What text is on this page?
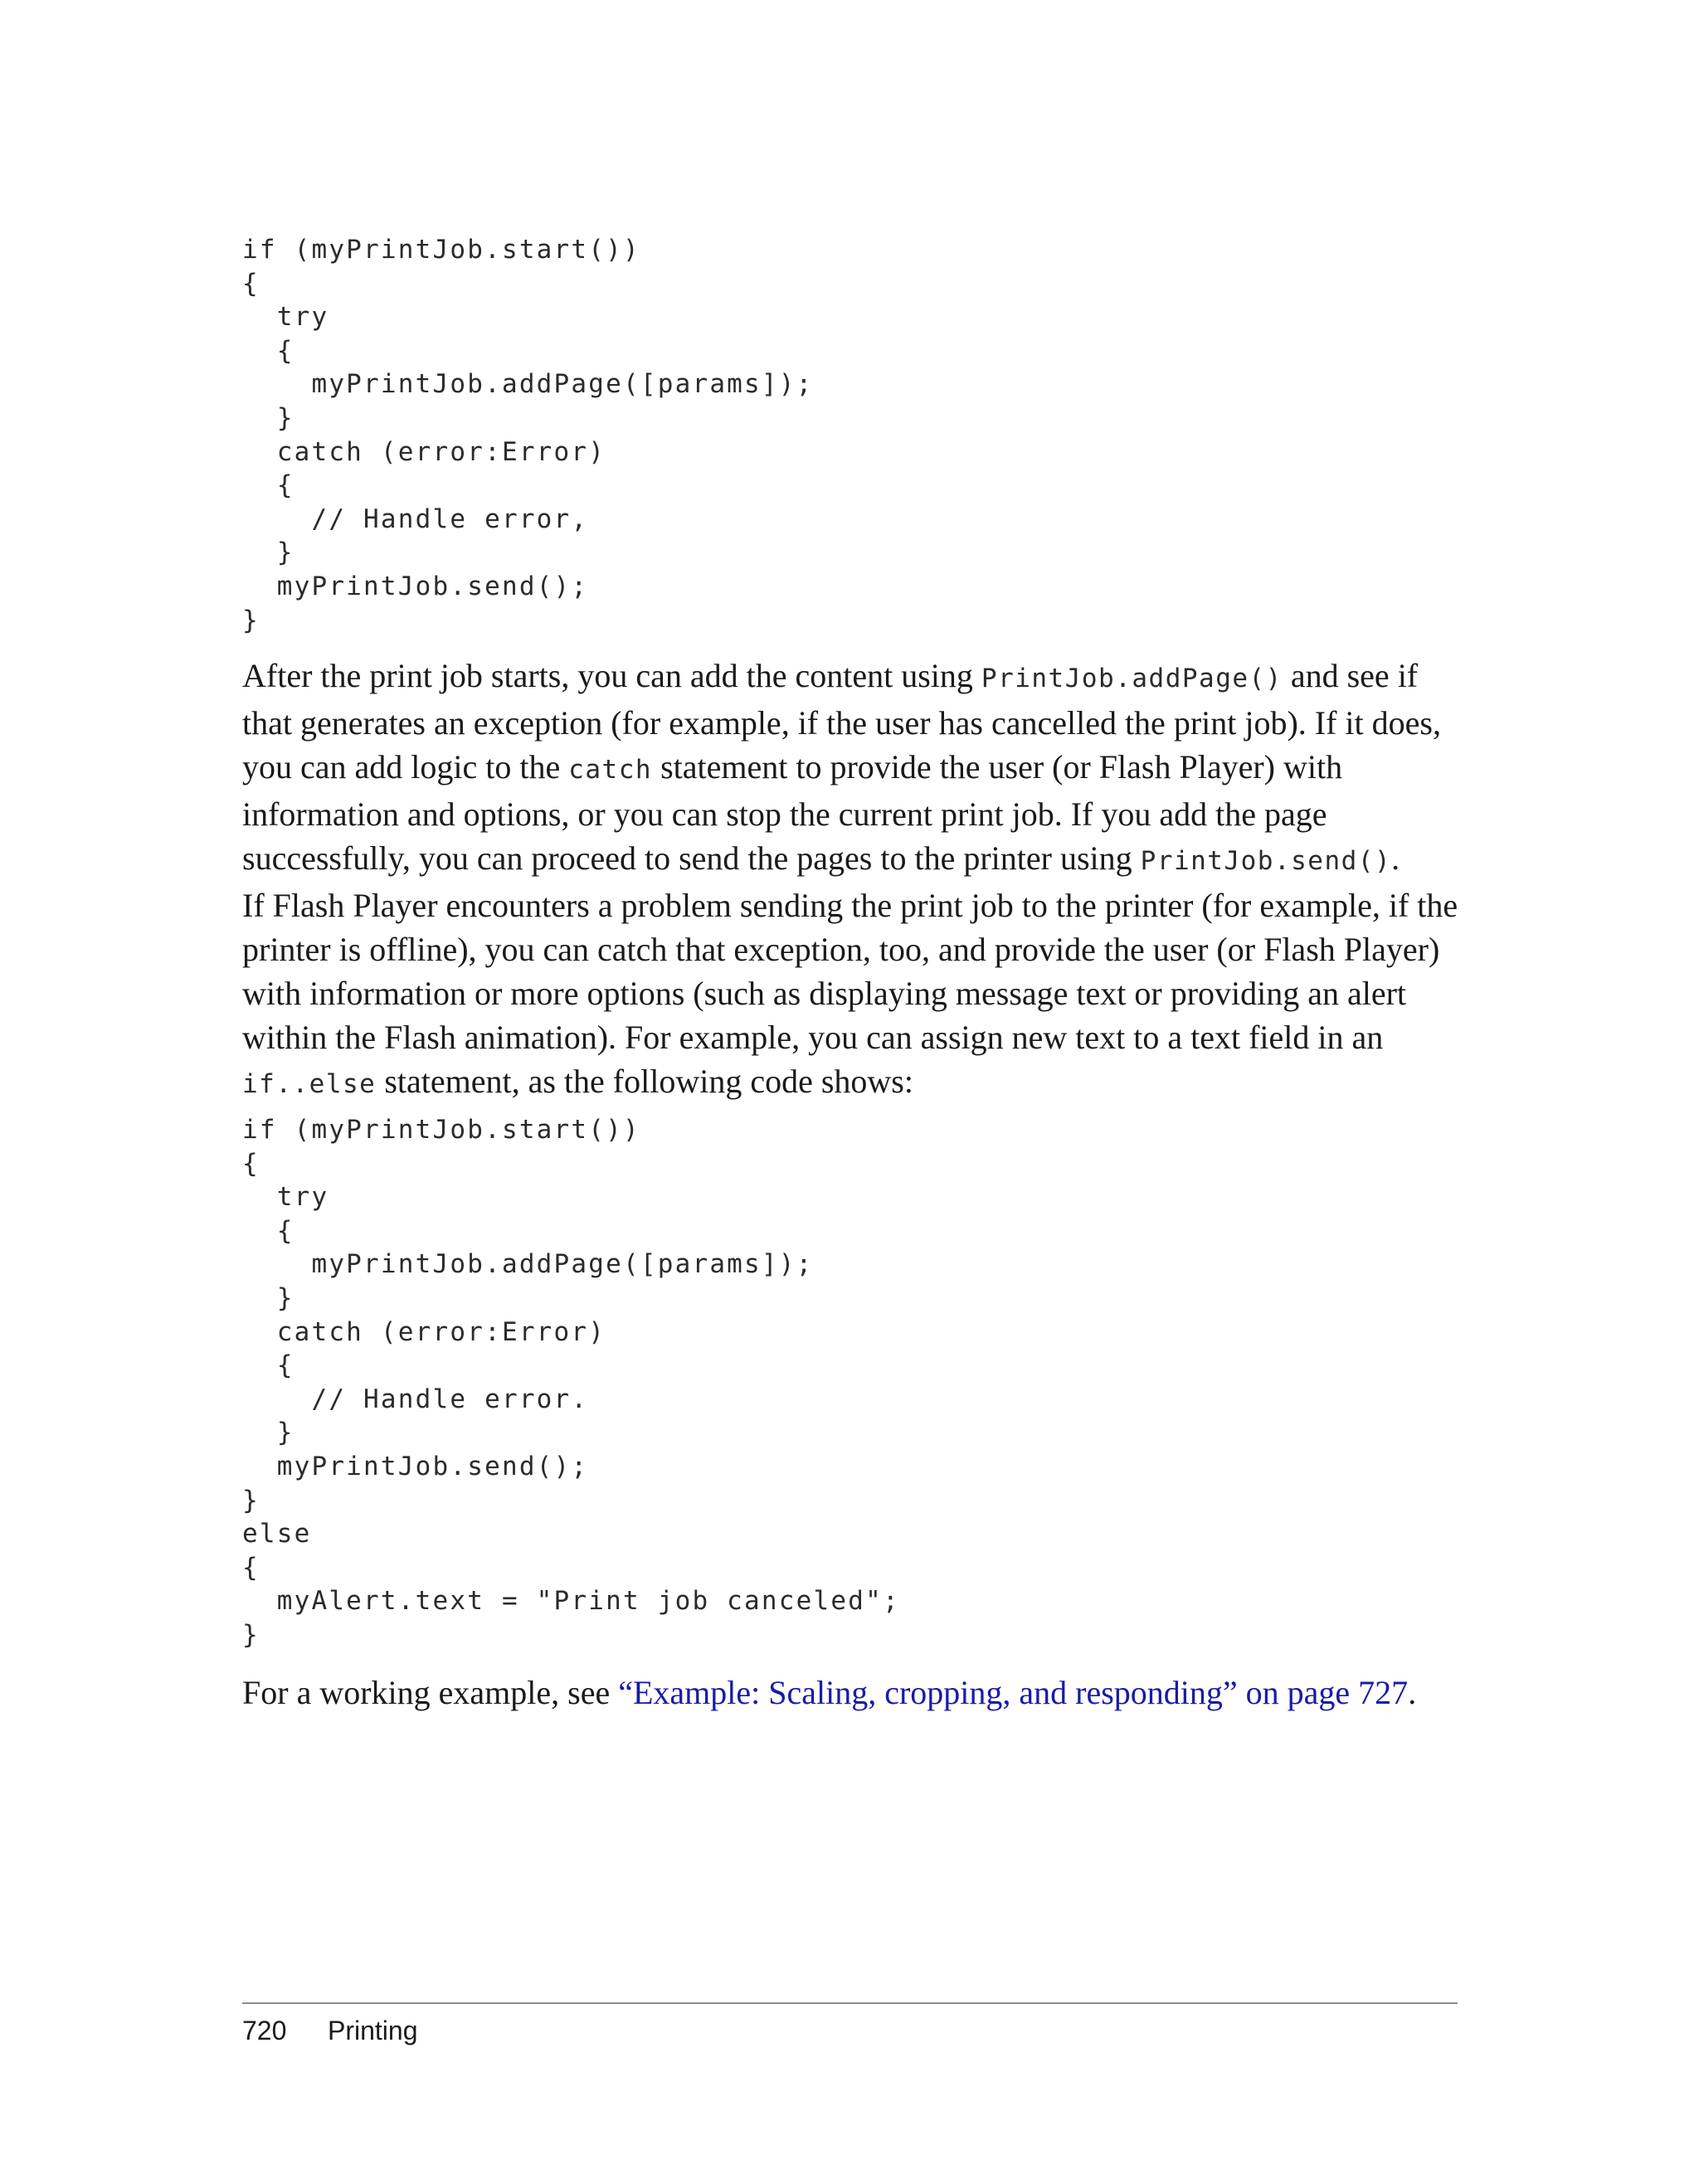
if (myPrintJob.start())
{
try
{
myPrintJob.addPage([params]);
}
catch (error:Error)
{
// Handle error,
}
myPrintJob.send();
}

After the print job starts, you can add the content using PrintJob.addPage() and see if that generates an exception (for example, if the user has cancelled the print job). If it does, you can add logic to the catch statement to provide the user (or Flash Player) with information and options, or you can stop the current print job. If you add the page successfully, you can proceed to send the pages to the printer using PrintJob.send().

If Flash Player encounters a problem sending the print job to the printer (for example, if the printer is offline), you can catch that exception, too, and provide the user (or Flash Player) with information or more options (such as displaying message text or providing an alert within the Flash animation). For example, you can assign new text to a text field in an if..else statement, as the following code shows:

if (myPrintJob.start())
{
try
{
myPrintJob.addPage([params]);
}
catch (error:Error)
{
// Handle error.
}
myPrintJob.send();
}
else
{
myAlert.text = "Print job canceled";
}

For a working example, see “Example: Scaling, cropping, and responding” on page 727.

720 Printing
